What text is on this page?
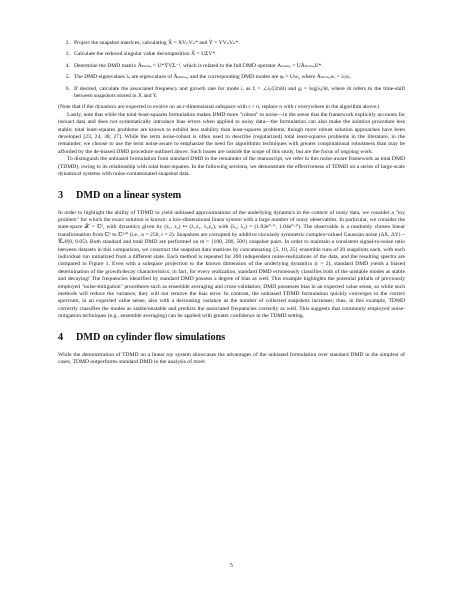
2. Project the snapshot matrices, calculating X̃ = XVₙVₙ* and Ỹ = YVₙVₙ*.
3. Calculate the reduced singular value decomposition X̃ = UΣV*.
4. Determine the DMD matrix Ãₜₘₘₑ = U*ỸVΣ⁻¹, which is related to the full DMD operator Aₜₘₘₑ = UÃₜₘₘₑU*.
5. The DMD eigenvalues λᵢ are eigenvalues of Ãₜₘₘₑ, and the corresponding DMD modes are φᵢ = Uwᵢ, where Ãₜₘₘₑwᵢ = λᵢwᵢ.
6. If desired, calculate the associated frequency and growth rate for mode i, as fᵢ = ∠λᵢ/(2πδt) and gᵢ = log|λᵢ|/δt, where δt refers to the time-shift between snapshots stored in X and Y.

(Note that if the dynamics are expected to evolve on an r-dimensional subspace with r < n, replace n with r everywhere in the algorithm above.)

Lastly, note that while the total-least-squares formulation makes DMD more "robust" to noise—in the sense that the framework explicitly accounts for inexact data and does not systematically introduce bias errors when applied to noisy data—the formulation can also make the solution procedure less stable; total least-squares problems are known to exhibit less stability than least-squares problems, though more robust solution approaches have been developed [23, 24, 38, 27]. While the term noise-robust is often used to describe (regularized) total least-squares problems in the literature, in the remainder, we choose to use the term noise-aware to emphasize the need for algorithmic techniques with greater computational robustness than may be afforded by the de-biased DMD procedure outlined above. Such issues are outside the scope of this study, but are the focus of ongoing work.

To distinguish the unbiased formulation from standard DMD in the remainder of the manuscript, we refer to this noise-aware framework as total DMD (TDMD), owing to its relationship with total least-squares. In the following sections, we demonstrate the effectiveness of TDMD on a series of large-scale dynamical systems with noise-contaminated snapshot data.

3	DMD on a linear system

In order to highlight the ability of TDMD to yield unbiased approximations of the underlying dynamics in the context of noisy data, we consider a "toy problem" for which the exact solution is known: a low-dimensional linear system with a large number of noisy observables. In particular, we consider the state-space 𝒳 = ℂ², with dynamics given by (z₁, z₂) ↦ (λ₁z₁, λ₂z₂), with (λ₁, λ₂) = (1.02e⁰·¹ⁱ, 1.04e⁰·³ⁱ). The observable is a randomly chosen linear transformation from ℂ² to ℂ²⁵⁰ (i.e., n = 250, r = 2). Snapshots are corrupted by additive circularly symmetric complex-valued Gaussian noise (ΔX, ΔY) ~ 𝒞𝒩(0, 0.05). Both standard and total DMD are performed on m = {100, 200, 500} snapshot pairs. In order to maintain a consistent signal-to-noise ratio between datasets in this comparison, we construct the snapshot data matrices by concatenating {5, 10, 25} ensemble runs of 20 snapshots each, with each individual run initialized from a different state. Each method is repeated for 200 independent noise-realizations of the data, and the resulting spectra are compared in Figure 1. Even with a subspace projection to the known dimension of the underlying dynamics (r = 2), standard DMD yields a biased determination of the growth/decay characteristics; in fact, for every realization, standard DMD erroneously classifies both of the unstable modes as stable and decaying! The frequencies identified by standard DMD possess a degree of bias as well. This example highlights the potential pitfalls of previously employed "noise-mitigation" procedures such as ensemble averaging and cross-validation; DMD possesses bias in an expected value sense, so while such methods will reduce the variance, they will not remove the bias error. In contrast, the unbiased TDMD formulation quickly converges to the correct spectrum, in an expected value sense, also with a decreasing variance as the number of collected snapshots increases; thus, in this example, TDMD correctly classifies the modes as stable/unstable and predicts the associated frequencies correctly as well. This suggests that commonly employed noise-mitigation techniques (e.g., ensemble averaging) can be applied with greater confidence in the TDMD setting.

4	DMD on cylinder flow simulations

While the demonstration of TDMD on a linear toy system showcases the advantages of the unbiased formulation over standard DMD in the simplest of cases, TDMD outperforms standard DMD in the analysis of more

5
